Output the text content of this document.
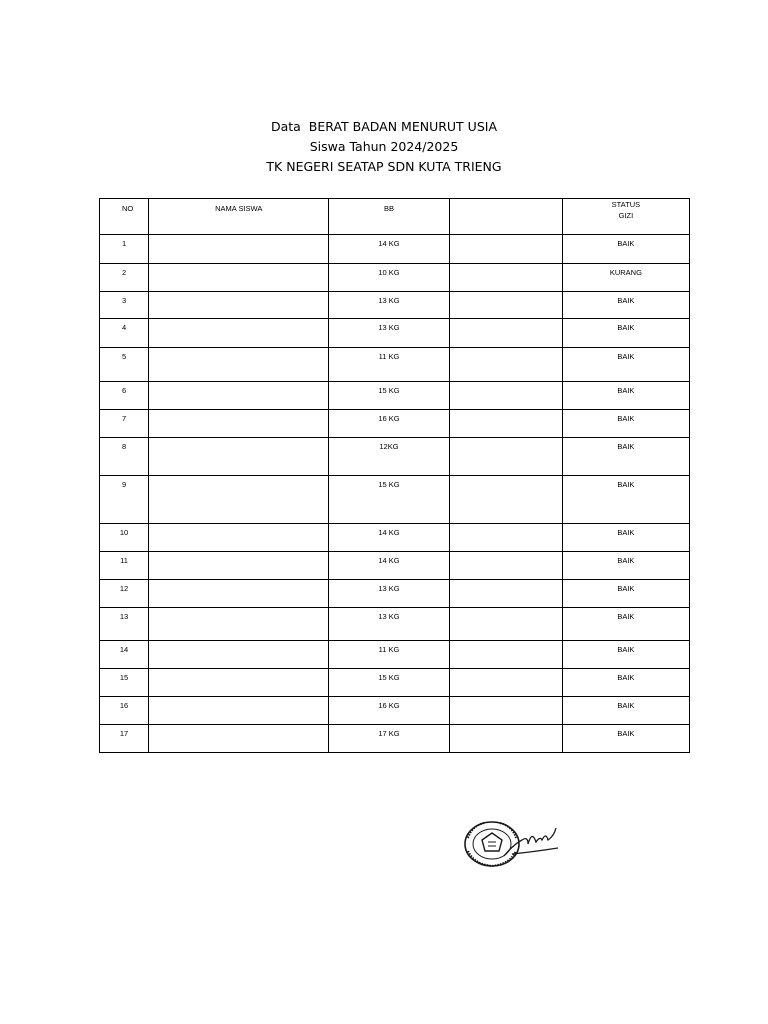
Data  BERAT BADAN MENURUT USIA
Siswa Tahun 2024/2025
TK NEGERI SEATAP SDN KUTA TRIENG
NO	NAMA SISWA	BB		STATUS
GIZI

1		14 KG		BAIK
2		10 KG		KURANG
3		13 KG		BAIK
4		13 KG		BAIK
5		11 KG		BAIK
6		15 KG		BAIK
7		16 KG		BAIK
8		12KG		BAIK
9		15 KG		BAIK
10		14 KG		BAIK
11		14 KG		BAIK
12		13 KG		BAIK
13		13 KG		BAIK
14		11 KG		BAIK
15		15 KG		BAIK
16		16 KG		BAIK
17		17 KG		BAIK
